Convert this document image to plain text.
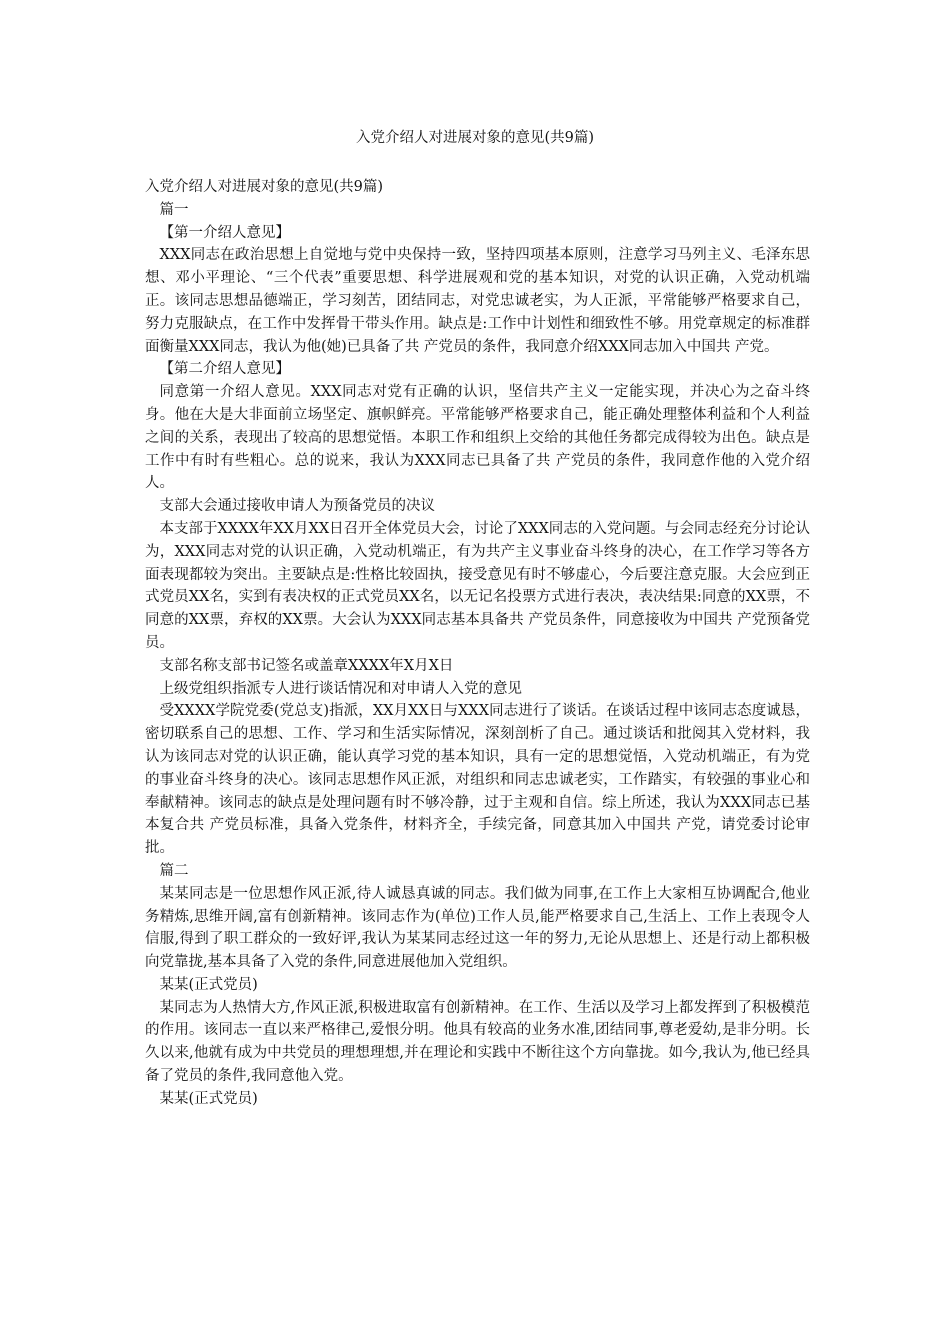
入党介绍人对进展对象的意见(共9篇)

入党介绍人对进展对象的意见(共9篇)

篇一

【第一介绍人意见】

XXX同志在政治思想上自觉地与党中央保持一致，坚持四项基本原则，注意学习马列主义、毛泽东思想、邓小平理论、“三个代表”重要思想、科学进展观和党的基本知识，对党的认识正确，入党动机端正。该同志思想品德端正，学习刻苦，团结同志，对党忠诚老实，为人正派，平常能够严格要求自己，努力克服缺点，在工作中发挥骨干带头作用。缺点是:工作中计划性和细致性不够。用党章规定的标准群面衡量XXX同志，我认为他(她)已具备了共 产党员的条件，我同意介绍XXX同志加入中国共 产党。

【第二介绍人意见】

同意第一介绍人意见。XXX同志对党有正确的认识，坚信共产主义一定能实现，并决心为之奋斗终身。他在大是大非面前立场坚定、旗帜鲜亮。平常能够严格要求自己，能正确处理整体利益和个人利益之间的关系，表现出了较高的思想觉悟。本职工作和组织上交给的其他任务都完成得较为出色。缺点是工作中有时有些粗心。总的说来，我认为XXX同志已具备了共 产党员的条件，我同意作他的入党介绍人。

支部大会通过接收申请人为预备党员的决议

本支部于XXXX年XX月XX日召开全体党员大会，讨论了XXX同志的入党问题。与会同志经充分讨论认为，XXX同志对党的认识正确，入党动机端正，有为共产主义事业奋斗终身的决心，在工作学习等各方面表现都较为突出。主要缺点是:性格比较固执，接受意见有时不够虚心，今后要注意克服。大会应到正式党员XX名，实到有表决权的正式党员XX名，以无记名投票方式进行表决，表决结果:同意的XX票，不同意的XX票，弃权的XX票。大会认为XXX同志基本具备共 产党员条件，同意接收为中国共 产党预备党员。

支部名称支部书记签名或盖章XXXX年X月X日

上级党组织指派专人进行谈话情况和对申请人入党的意见

受XXXX学院党委(党总支)指派，XX月XX日与XXX同志进行了谈话。在谈话过程中该同志态度诚恳，密切联系自己的思想、工作、学习和生活实际情况，深刻剖析了自己。通过谈话和批阅其入党材料，我认为该同志对党的认识正确，能认真学习党的基本知识，具有一定的思想觉悟，入党动机端正，有为党的事业奋斗终身的决心。该同志思想作风正派，对组织和同志忠诚老实，工作踏实，有较强的事业心和奉献精神。该同志的缺点是处理问题有时不够冷静，过于主观和自信。综上所述，我认为XXX同志已基本复合共 产党员标准，具备入党条件，材料齐全，手续完备，同意其加入中国共 产党，请党委讨论审批。

篇二

某某同志是一位思想作风正派,待人诚恳真诚的同志。我们做为同事,在工作上大家相互协调配合,他业务精炼,思维开阔,富有创新精神。该同志作为(单位)工作人员,能严格要求自己,生活上、工作上表现令人信服,得到了职工群众的一致好评,我认为某某同志经过这一年的努力,无论从思想上、还是行动上都积极向党靠拢,基本具备了入党的条件,同意进展他加入党组织。

某某(正式党员)

某同志为人热情大方,作风正派,积极进取富有创新精神。在工作、生活以及学习上都发挥到了积极模范的作用。该同志一直以来严格律己,爱恨分明。他具有较高的业务水准,团结同事,尊老爱幼,是非分明。长久以来,他就有成为中共党员的理想理想,并在理论和实践中不断往这个方向靠拢。如今,我认为,他已经具备了党员的条件,我同意他入党。

某某(正式党员)
